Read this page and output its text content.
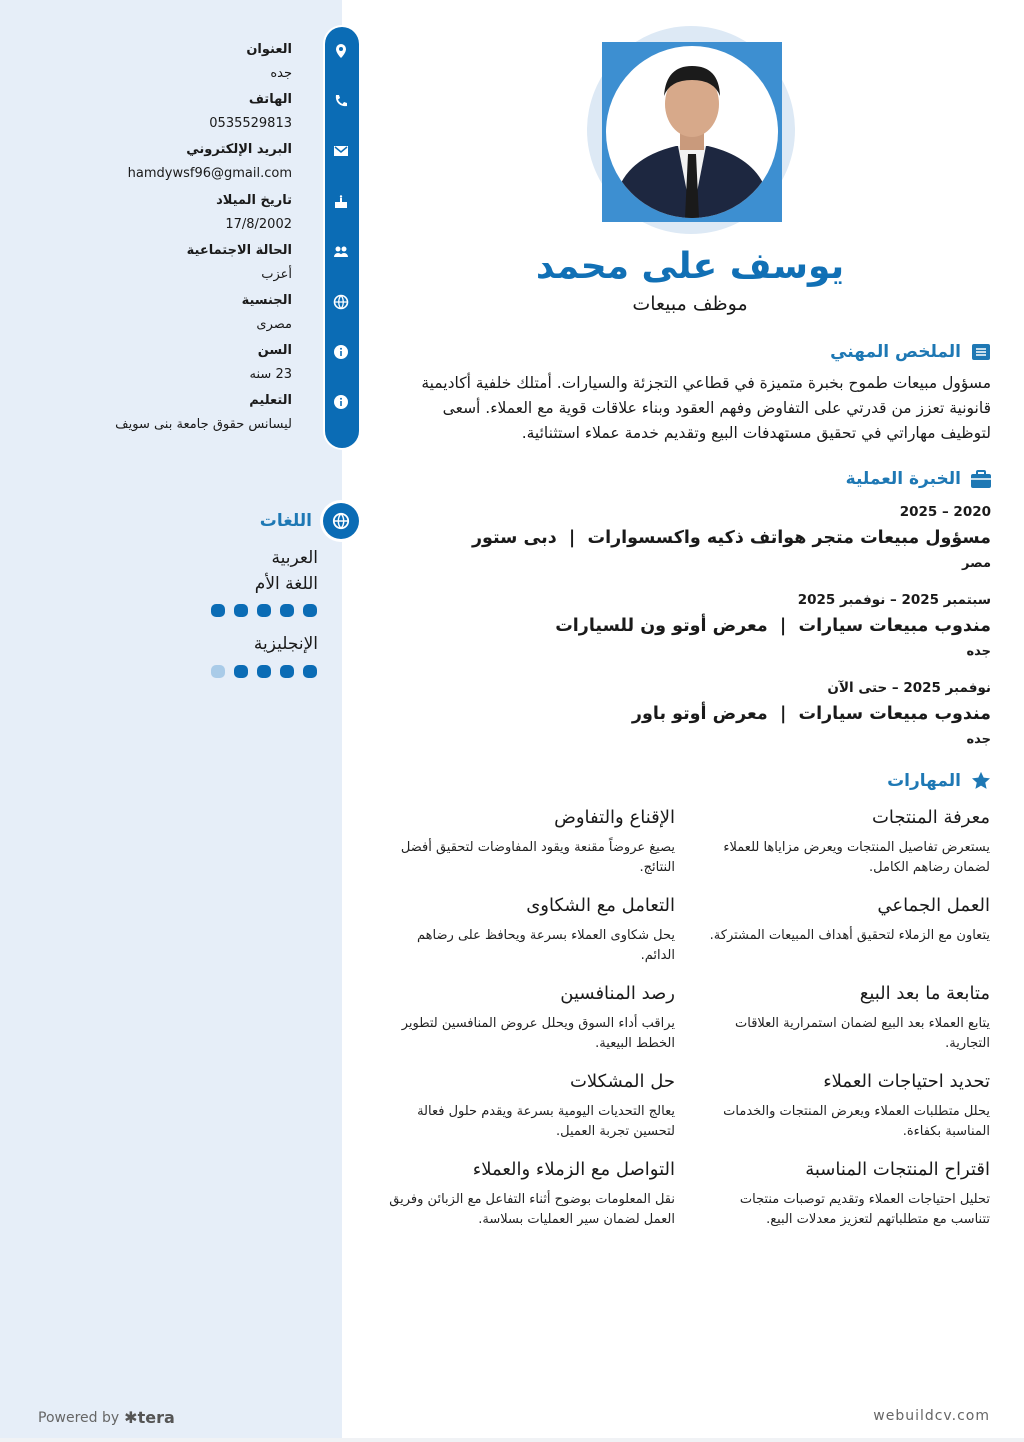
العنوان
جده
الهاتف
0535529813
البريد الإلكتروني
hamdywsf96@gmail.com
تاريخ الميلاد
17/8/2002
الحالة الاجتماعية
أعزب
الجنسية
مصرى
السن
23 سنه
التعليم
ليسانس حقوق جامعة بنى سويف
اللغات
العربية
اللغة الأم
الإنجليزية
يوسف على محمد
موظف مبيعات
الملخص المهني
مسؤول مبيعات طموح بخبرة متميزة في قطاعي التجزئة والسيارات. أمتلك خلفية أكاديمية قانونية تعزز من قدرتي على التفاوض وفهم العقود وبناء علاقات قوية مع العملاء. أسعى لتوظيف مهاراتي في تحقيق مستهدفات البيع وتقديم خدمة عملاء استثنائية.
الخبرة العملية
2020 – 2025
مسؤول مبيعات متجر هواتف ذكيه واكسسوارات  |  دبى ستور
مصر
سبتمبر 2025 – نوفمبر 2025
مندوب مبيعات سيارات  |  معرض أوتو ون للسيارات
جده
نوفمبر 2025 – حتى الآن
مندوب مبيعات سيارات  |  معرض أوتو باور
جده
المهارات
معرفة المنتجات
يستعرض تفاصيل المنتجات ويعرض مزاياها للعملاء لضمان رضاهم الكامل.
الإقناع والتفاوض
يصيغ عروضاً مقنعة ويقود المفاوضات لتحقيق أفضل النتائج.
العمل الجماعي
يتعاون مع الزملاء لتحقيق أهداف المبيعات المشتركة.
التعامل مع الشكاوى
يحل شكاوى العملاء بسرعة ويحافظ على رضاهم الدائم.
متابعة ما بعد البيع
يتابع العملاء بعد البيع لضمان استمرارية العلاقات التجارية.
رصد المنافسين
يراقب أداء السوق ويحلل عروض المنافسين لتطوير الخطط البيعية.
تحديد احتياجات العملاء
يحلل متطلبات العملاء ويعرض المنتجات والخدمات المناسبة بكفاءة.
حل المشكلات
يعالج التحديات اليومية بسرعة ويقدم حلول فعالة لتحسين تجربة العميل.
اقتراح المنتجات المناسبة
تحليل احتياجات العملاء وتقديم توصبات منتجات تتناسب مع متطلباتهم لتعزيز معدلات البيع.
التواصل مع الزملاء والعملاء
نقل المعلومات بوضوح أثناء التفاعل مع الزبائن وفريق العمل لضمان سير العمليات بسلاسة.
Powered by ✱tera	webuildcv.com
